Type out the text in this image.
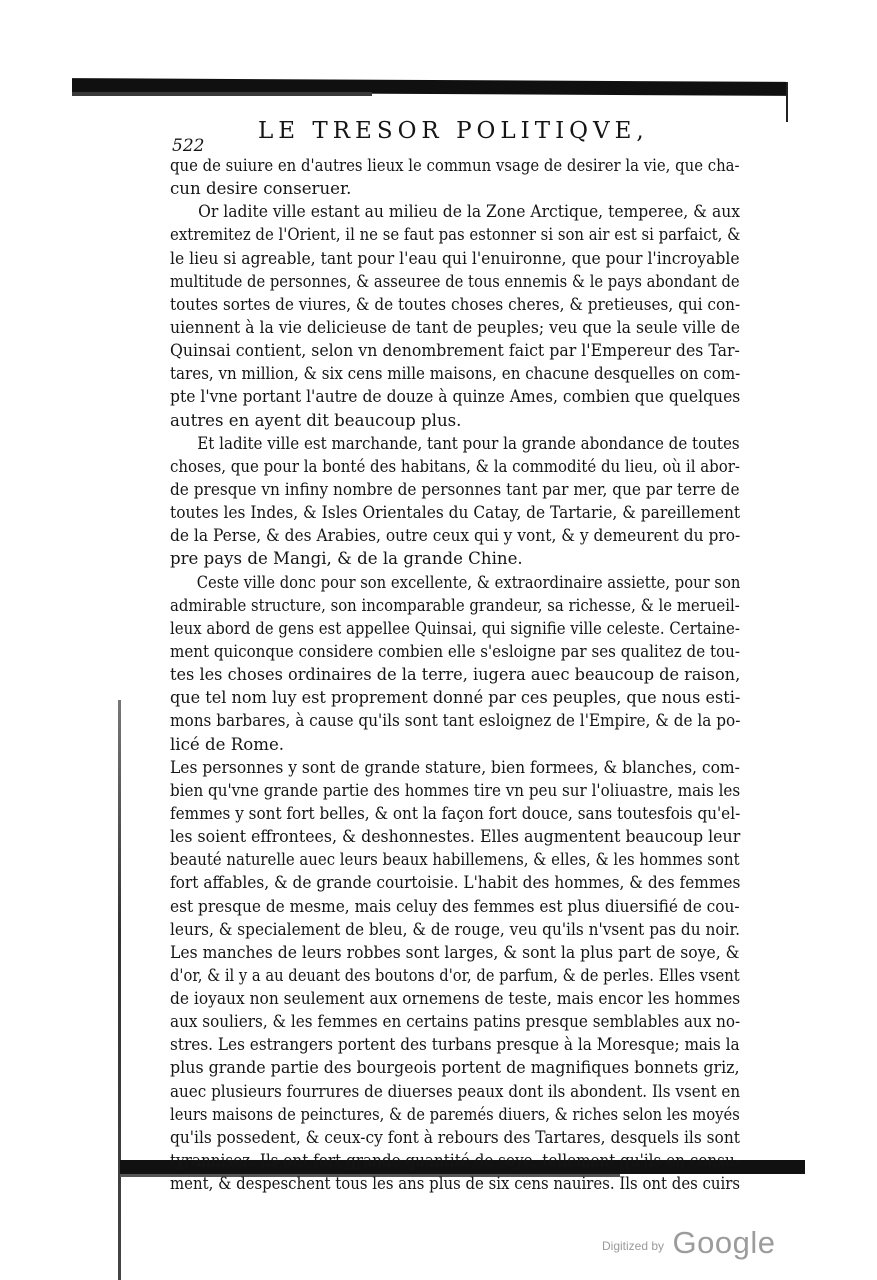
522
LE TRESOR POLITIQVE,
que de suiure en d'autres lieux le commun vsage de desirer la vie, que cha-
cun desire conseruer.
Or ladite ville estant au milieu de la Zone Arctique, temperee, & aux
extremitez de l'Orient, il ne se faut pas estonner si son air est si parfaict, &
le lieu si agreable, tant pour l'eau qui l'enuironne, que pour l'incroyable
multitude de personnes, & asseuree de tous ennemis & le pays abondant de
toutes sortes de viures, & de toutes choses cheres, & pretieuses, qui con-
uiennent à la vie delicieuse de tant de peuples; veu que la seule ville de
Quinsai contient, selon vn denombrement faict par l'Empereur des Tar-
tares, vn million, & six cens mille maisons, en chacune desquelles on com-
pte l'vne portant l'autre de douze à quinze Ames, combien que quelques
autres en ayent dit beaucoup plus.
Et ladite ville est marchande, tant pour la grande abondance de toutes
choses, que pour la bonté des habitans, & la commodité du lieu, où il abor-
de presque vn infiny nombre de personnes tant par mer, que par terre de
toutes les Indes, & Isles Orientales du Catay, de Tartarie, & pareillement
de la Perse, & des Arabies, outre ceux qui y vont, & y demeurent du pro-
pre pays de Mangi, & de la grande Chine.
Ceste ville donc pour son excellente, & extraordinaire assiette, pour son
admirable structure, son incomparable grandeur, sa richesse, & le merueil-
leux abord de gens est appellee Quinsai, qui signifie ville celeste. Certaine-
ment quiconque considere combien elle s'esloigne par ses qualitez de tou-
tes les choses ordinaires de la terre, iugera auec beaucoup de raison,
que tel nom luy est proprement donné par ces peuples, que nous esti-
mons barbares, à cause qu'ils sont tant esloignez de l'Empire, & de la po-
licé de Rome.
Les personnes y sont de grande stature, bien formees, & blanches, com-
bien qu'vne grande partie des hommes tire vn peu sur l'oliuastre, mais les
femmes y sont fort belles, & ont la façon fort douce, sans toutesfois qu'el-
les soient effrontees, & deshonnestes. Elles augmentent beaucoup leur
beauté naturelle auec leurs beaux habillemens, & elles, & les hommes sont
fort affables, & de grande courtoisie. L'habit des hommes, & des femmes
est presque de mesme, mais celuy des femmes est plus diuersifié de cou-
leurs, & specialement de bleu, & de rouge, veu qu'ils n'vsent pas du noir.
Les manches de leurs robbes sont larges, & sont la plus part de soye, &
d'or, & il y a au deuant des boutons d'or, de parfum, & de perles. Elles vsent
de ioyaux non seulement aux ornemens de teste, mais encor les hommes
aux souliers, & les femmes en certains patins presque semblables aux no-
stres. Les estrangers portent des turbans presque à la Moresque; mais la
plus grande partie des bourgeois portent de magnifiques bonnets griz,
auec plusieurs fourrures de diuerses peaux dont ils abondent. Ils vsent en
leurs maisons de peinctures, & de paremés diuers, & riches selon les moyés
qu'ils possedent, & ceux-cy font à rebours des Tartares, desquels ils sont
tyrannisez. Ils ont fort grande quantité de soye, tellement qu'ils en consu-
ment, & despeschent tous les ans plus de six cens nauires. Ils ont des cuirs
Digitized by Google
